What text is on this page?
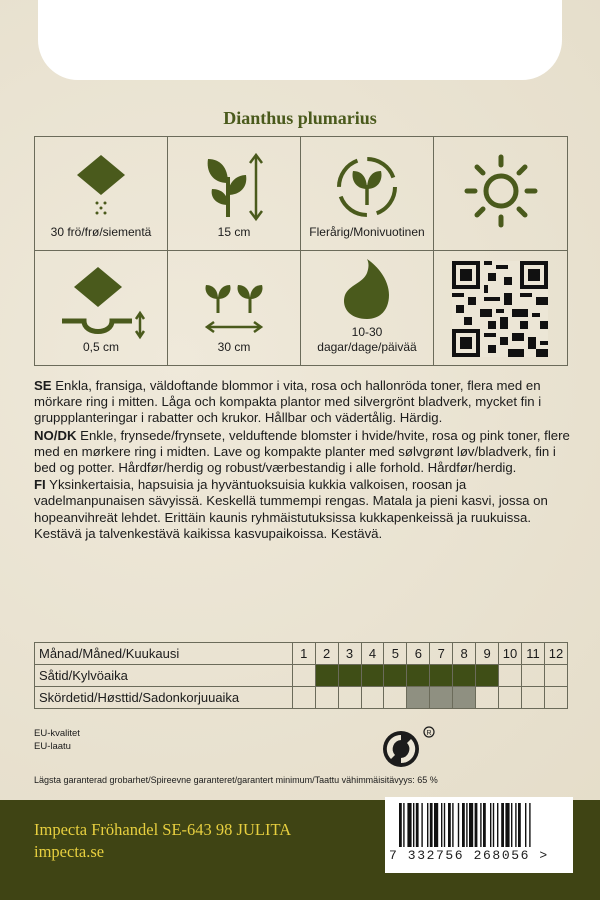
Dianthus plumarius
30 frö/frø/siementä	15 cm	Flerårig/Monivuotinen
0,5 cm	30 cm
10-30
dagar/dage/päivää

SE Enkla, fransiga, väldoftande blommor i vita, rosa och hallonröda toner, flera med en mörkare ring i mitten. Låga och kompakta plantor med silvergrönt bladverk, mycket fin i gruppplanteringar i rabatter och krukor. Hållbar och vädertålig. Härdig.

NO/DK Enkle, frynsede/frynsete, velduftende blomster i hvide/hvite, rosa og pink toner, flere med en mørkere ring i midten. Lave og kompakte planter med sølvgrønt løv/bladverk, fin i bed og potter. Hårdfør/herdig og robust/værbestandig i alle forhold. Hårdfør/herdig.

FI Yksinkertaisia, hapsuisia ja hyväntuoksuisia kukkia valkoisen, roosan ja vadelmanpunaisen sävyissä. Keskellä tummempi rengas. Matala ja pieni kasvi, jossa on hopeanvihreät lehdet. Erittäin kaunis ryhmäistutuksissa kukkapenkeissä ja ruukuissa. Kestävä ja talvenkestävä kaikissa kasvupaikoissa. Kestävä.

Månad/Måned/Kuukausi	1	2	3	4	5	6	7	8	9	10	11	12
Såtid/Kylvöaika												
Skördetid/Høsttid/Sadonkorjuuaika												
EU-kvalitet
EU-laatu
R
Lägsta garanterad grobarhet/Spireevne garanteret/garantert minimum/Taattu vähimmäisitävyys: 65 %
Impecta Fröhandel SE-643 98 JULITA
impecta.se	7 332756 268056 >
